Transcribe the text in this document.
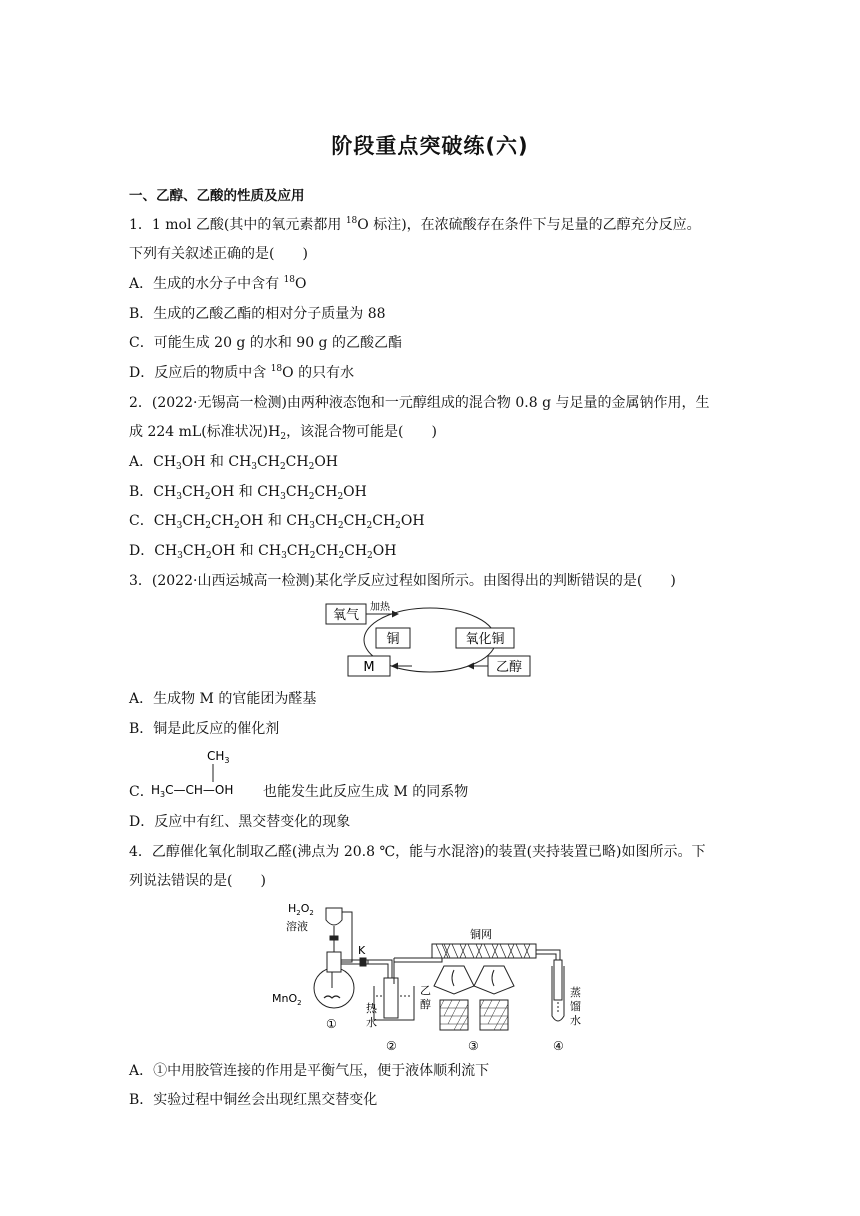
阶段重点突破练(六)
一、乙醇、乙酸的性质及应用
1．1 mol 乙酸(其中的氧元素都用 $^{18}$O 标注)，在浓硫酸存在条件下与足量的乙醇充分反应。
下列有关叙述正确的是(　　)
A．生成的水分子中含有 $^{18}$O
B．生成的乙酸乙酯的相对分子质量为 88
C．可能生成 20 g 的水和 90 g 的乙酸乙酯
D．反应后的物质中含 $^{18}$O 的只有水
2．(2022·无锡高一检测)由两种液态饱和一元醇组成的混合物 0.8 g 与足量的金属钠作用，生
成 224 mL(标准状况)$H_2$，该混合物可能是(　　)
A．$CH_3OH$ 和 $CH_3CH_2CH_2OH$
B．$CH_3CH_2OH$ 和 $CH_3CH_2CH_2OH$
C．$CH_3CH_2CH_2OH$ 和 $CH_3CH_2CH_2CH_2OH$
D．$CH_3CH_2OH$ 和 $CH_3CH_2CH_2CH_2OH$
3．(2022·山西运城高一检测)某化学反应过程如图所示。由图得出的判断错误的是(　　)
氧气
加热
铜	氧化铜
M	乙醇
A．生成物 M 的官能团为醛基
B．铜是此反应的催化剂
C．
$CH_3$
$H_3C—CH—OH$ 也能发生此反应生成 M 的同系物
D．反应中有红、黑交替变化的现象
4．乙醇催化氧化制取乙醛(沸点为 20.8 ℃，能与水混溶)的装置(夹持装置已略)如图所示。下
列说法错误的是(　　)
$H_2O_2$
溶液
MnO$_2$
K
热
水
乙
醇
铜网
蒸
馏
水
①
②	③	④
A．①中用胶管连接的作用是平衡气压，便于液体顺利流下
B．实验过程中铜丝会出现红黑交替变化
